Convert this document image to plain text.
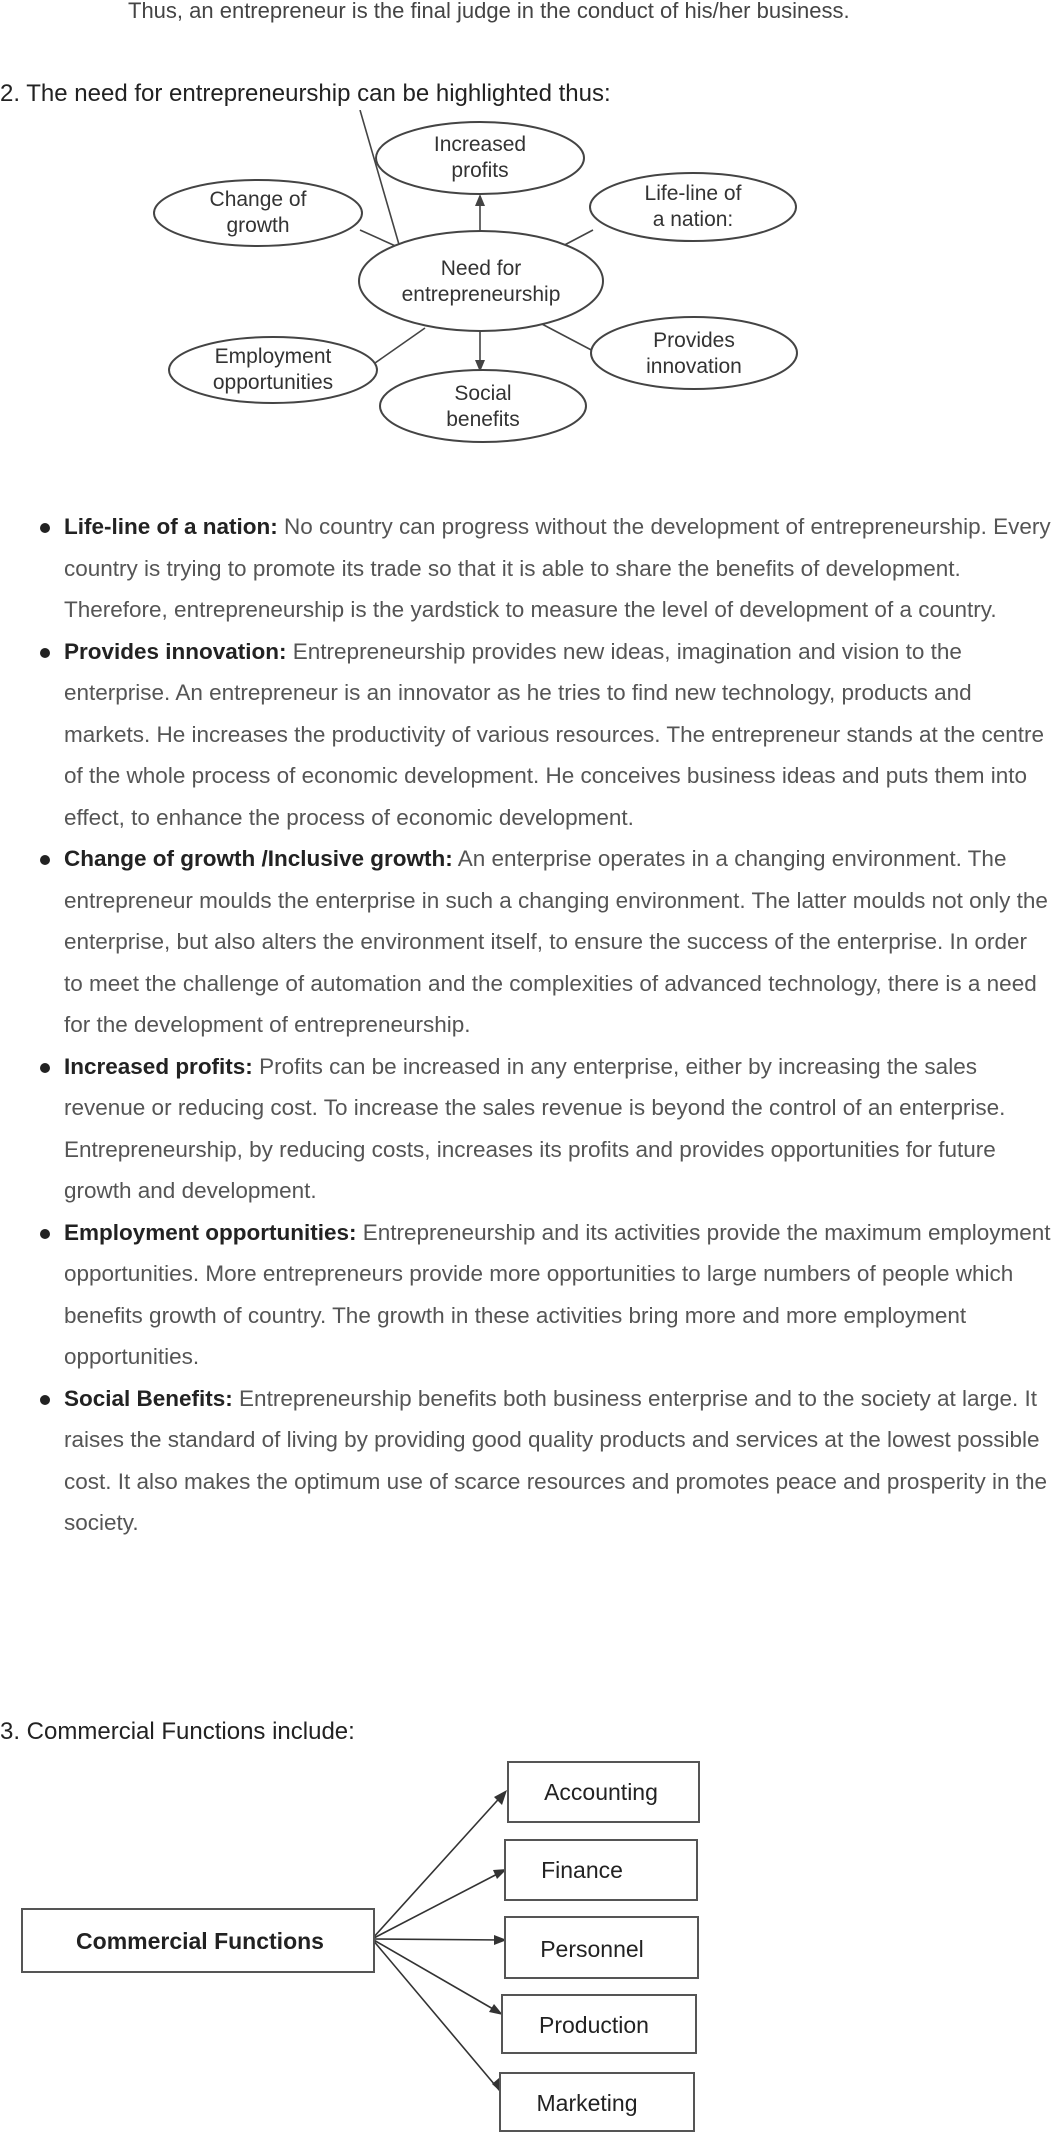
Thus, an entrepreneur is the final judge in the conduct of his/her business.
2. The need for entrepreneurship can be highlighted thus:
Increased
profits
Change of
growth
Life-line of
a nation:
Need for
entrepreneurship
Employment
opportunities
Provides
innovation
Social
benefits
Life-line of a nation: No country can progress without the development of entrepreneurship. Every country is trying to promote its trade so that it is able to share the benefits of development. Therefore, entrepreneurship is the yardstick to measure the level of development of a country.
Provides innovation: Entrepreneurship provides new ideas, imagination and vision to the enterprise. An entrepreneur is an innovator as he tries to find new technology, products and markets. He increases the productivity of various resources. The entrepreneur stands at the centre of the whole process of economic development. He conceives business ideas and puts them into effect, to enhance the process of economic development.
Change of growth /Inclusive growth: An enterprise operates in a changing environment. The entrepreneur moulds the enterprise in such a changing environment. The latter moulds not only the enterprise, but also alters the environment itself, to ensure the success of the enterprise. In order to meet the challenge of automation and the complexities of advanced technology, there is a need for the development of entrepreneurship.
Increased profits: Profits can be increased in any enterprise, either by increasing the sales revenue or reducing cost. To increase the sales revenue is beyond the control of an enterprise. Entrepreneurship, by reducing costs, increases its profits and provides opportunities for future growth and development.
Employment opportunities: Entrepreneurship and its activities provide the maximum employment opportunities. More entrepreneurs provide more opportunities to large numbers of people which benefits growth of country. The growth in these activities bring more and more employment opportunities.
Social Benefits: Entrepreneurship benefits both business enterprise and to the society at large. It raises the standard of living by providing good quality products and services at the lowest possible cost. It also makes the optimum use of scarce resources and promotes peace and prosperity in the society.
3. Commercial Functions include:
Commercial Functions
Accounting
Finance
Personnel
Production
Marketing
